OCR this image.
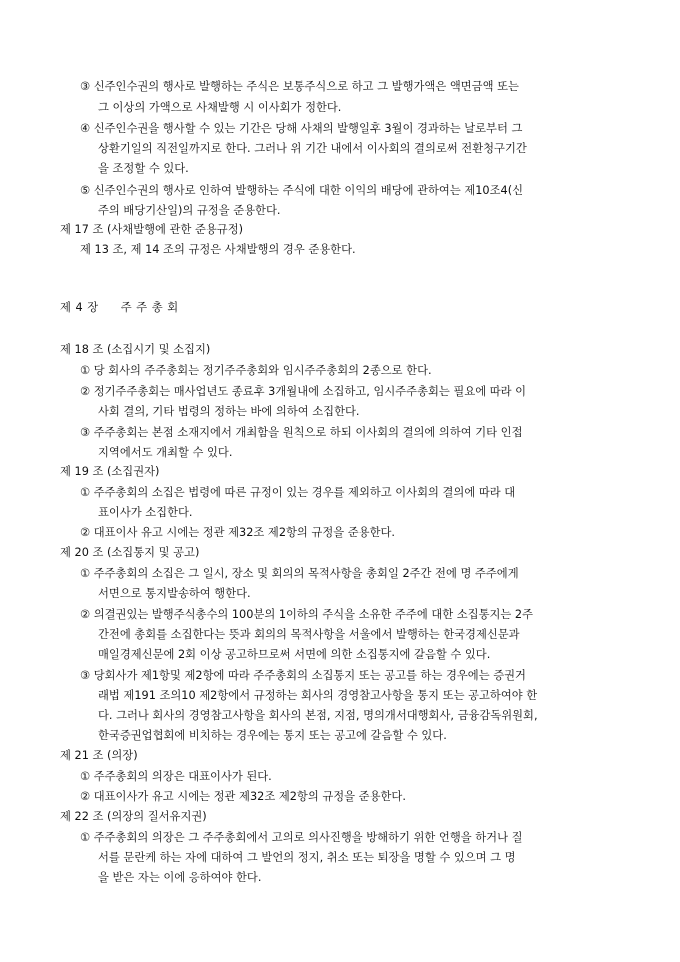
③ 신주인수권의 행사로 발행하는 주식은 보통주식으로 하고 그 발행가액은 액면금액 또는
그 이상의 가액으로 사채발행 시 이사회가 정한다.
④ 신주인수권을 행사할 수 있는 기간은 당해 사채의 발행일후 3월이 경과하는 날로부터 그
상환기일의 직전일까지로 한다. 그러나 위 기간 내에서 이사회의 결의로써 전환청구기간
을 조정할 수 있다.
⑤ 신주인수권의 행사로 인하여 발행하는 주식에 대한 이익의 배당에 관하여는 제10조4(신
주의 배당기산일)의 규정을 준용한다.
제 17 조 (사채발행에 관한 준용규정)
제 13 조, 제 14 조의 규정은 사채발행의 경우 준용한다.
제 4 장 주 주 총 회
제 18 조 (소집시기 및 소집지)
① 당 회사의 주주총회는 정기주주총회와 임시주주총회의 2종으로 한다.
② 정기주주총회는 매사업년도 종료후 3개월내에 소집하고, 임시주주총회는 필요에 따라 이
사회 결의, 기타 법령의 정하는 바에 의하여 소집한다.
③ 주주총회는 본점 소재지에서 개최함을 원칙으로 하되 이사회의 결의에 의하여 기타 인접
지역에서도 개최할 수 있다.
제 19 조 (소집권자)
① 주주총회의 소집은 법령에 따른 규정이 있는 경우를 제외하고 이사회의 결의에 따라 대
표이사가 소집한다.
② 대표이사 유고 시에는 정관 제32조 제2항의 규정을 준용한다.
제 20 조 (소집통지 및 공고)
① 주주총회의 소집은 그 일시, 장소 및 회의의 목적사항을 총회일 2주간 전에 명 주주에게
서면으로 통지발송하여 행한다.
② 의결권있는 발행주식총수의 100분의 1이하의 주식을 소유한 주주에 대한 소집통지는 2주
간전에 총회를 소집한다는 뜻과 회의의 목적사항을 서울에서 발행하는 한국경제신문과
매일경제신문에 2회 이상 공고하므로써 서면에 의한 소집통지에 갈음할 수 있다.
③ 당회사가 제1항및 제2항에 따라 주주총회의 소집통지 또는 공고를 하는 경우에는 증권거
래법 제191 조의10 제2항에서 규정하는 회사의 경영참고사항을 통지 또는 공고하여야 한
다. 그러나 회사의 경영참고사항을 회사의 본점, 지점, 명의개서대행회사, 금융감독위원회,
한국증권업협회에 비치하는 경우에는 통지 또는 공고에 갈음할 수 있다.
제 21 조 (의장)
① 주주총회의 의장은 대표이사가 된다.
② 대표이사가 유고 시에는 정관 제32조 제2항의 규정을 준용한다.
제 22 조 (의장의 질서유지권)
① 주주총회의 의장은 그 주주총회에서 고의로 의사진행을 방해하기 위한 언행을 하거나 질
서를 문란케 하는 자에 대하여 그 발언의 정지, 취소 또는 퇴장을 명할 수 있으며 그 명
을 받은 자는 이에 응하여야 한다.
